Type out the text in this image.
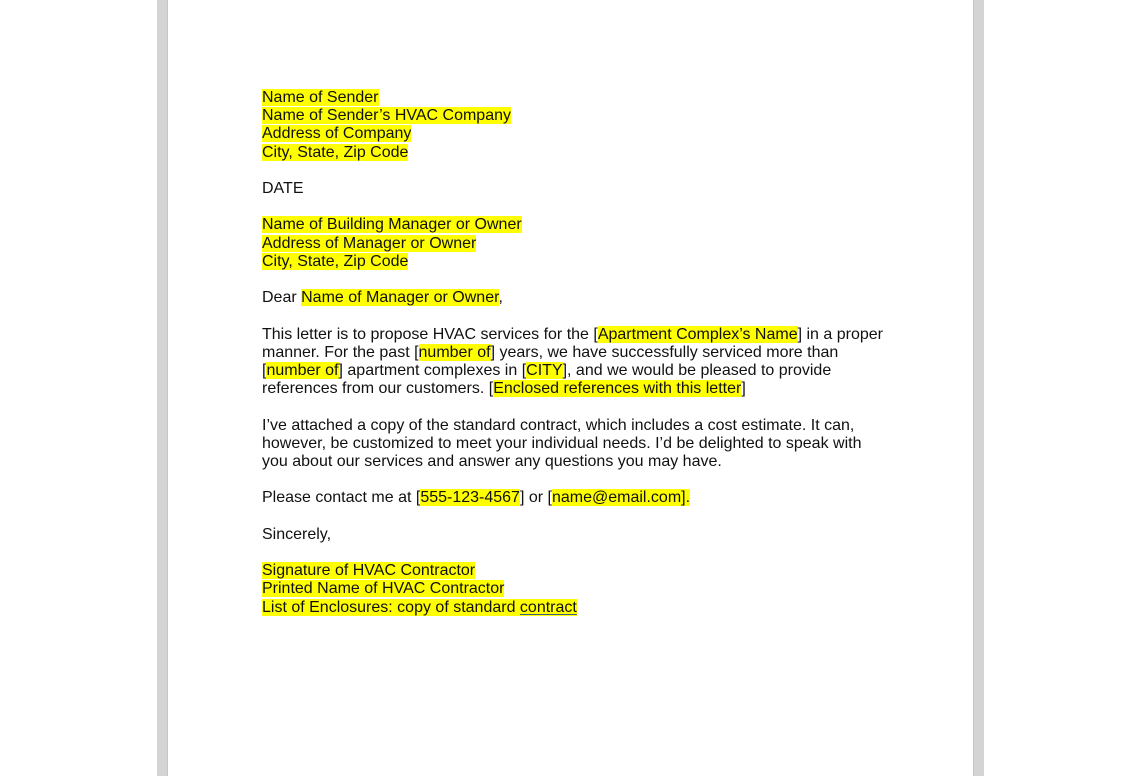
Name of Sender
Name of Sender’s HVAC Company
Address of Company
City, State, Zip Code
DATE
Name of Building Manager or Owner
Address of Manager or Owner
City, State, Zip Code
Dear Name of Manager or Owner,
This letter is to propose HVAC services for the [Apartment Complex’s Name] in a proper
manner. For the past [number of] years, we have successfully serviced more than
[number of] apartment complexes in [CITY], and we would be pleased to provide
references from our customers. [Enclosed references with this letter]
I’ve attached a copy of the standard contract, which includes a cost estimate. It can,
however, be customized to meet your individual needs. I’d be delighted to speak with
you about our services and answer any questions you may have.
Please contact me at [555-123-4567] or [name@email.com].
Sincerely,
Signature of HVAC Contractor
Printed Name of HVAC Contractor
List of Enclosures: copy of standard contract
